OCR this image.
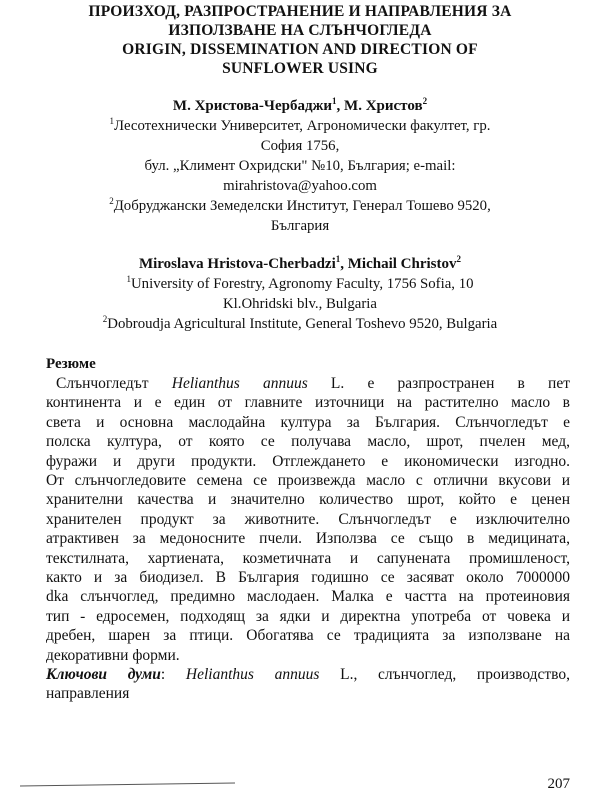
ПРОИЗХОД, РАЗПРОСТРАНЕНИЕ И НАПРАВЛЕНИЯ ЗА
ИЗПОЛЗВАНЕ НА СЛЪНЧОГЛЕДА
ORIGIN, DISSEMINATION AND DIRECTION OF
SUNFLOWER USING
М. Христова-Чербаджи$^1$, М. Христов$^2$
$^1$Лесотехнически Университет, Агрономически факултет, гр.
София 1756,
бул. „Климент Охридски" №10, България; e-mail:
mirahristova@yahoo.com
$^2$Добруджански Земеделски Институт, Генерал Тошево 9520,
България
Miroslava Hristova-Cherbadzi$^1$, Michail Christov$^2$
$^1$University of Forestry, Agronomy Faculty, 1756 Sofia, 10
Kl.Ohridski blv., Bulgaria
$^2$Dobroudja Agricultural Institute, General Toshevo 9520, Bulgaria
Резюме
Слънчогледът Helianthus annuus L. е разпространен в пет
континента и е един от главните източници на растително масло в
света и основна маслодайна култура за България. Слънчогледът е
полска култура, от която се получава масло, шрот, пчелен мед,
фуражи и други продукти. Отглеждането е икономически изгодно.
От слънчогледовите семена се произвежда масло с отлични вкусови и
хранителни качества и значително количество шрот, който е ценен
хранителен продукт за животните. Слънчогледът е изключително
атрактивен за медоносните пчели. Използва се също в медицината,
текстилната, хартиената, козметичната и сапунената промишленост,
както и за биодизел. В България годишно се засяват около 7000000
dka слънчоглед, предимно маслодаен. Малка е частта на протеиновия
тип - едросемен, подходящ за ядки и директна употреба от човека и
дребен, шарен за птици. Обогатява се традицията за използване на
декоративни форми.
Ключови думи: Helianthus annuus L., слънчоглед, производство,
направления
207
